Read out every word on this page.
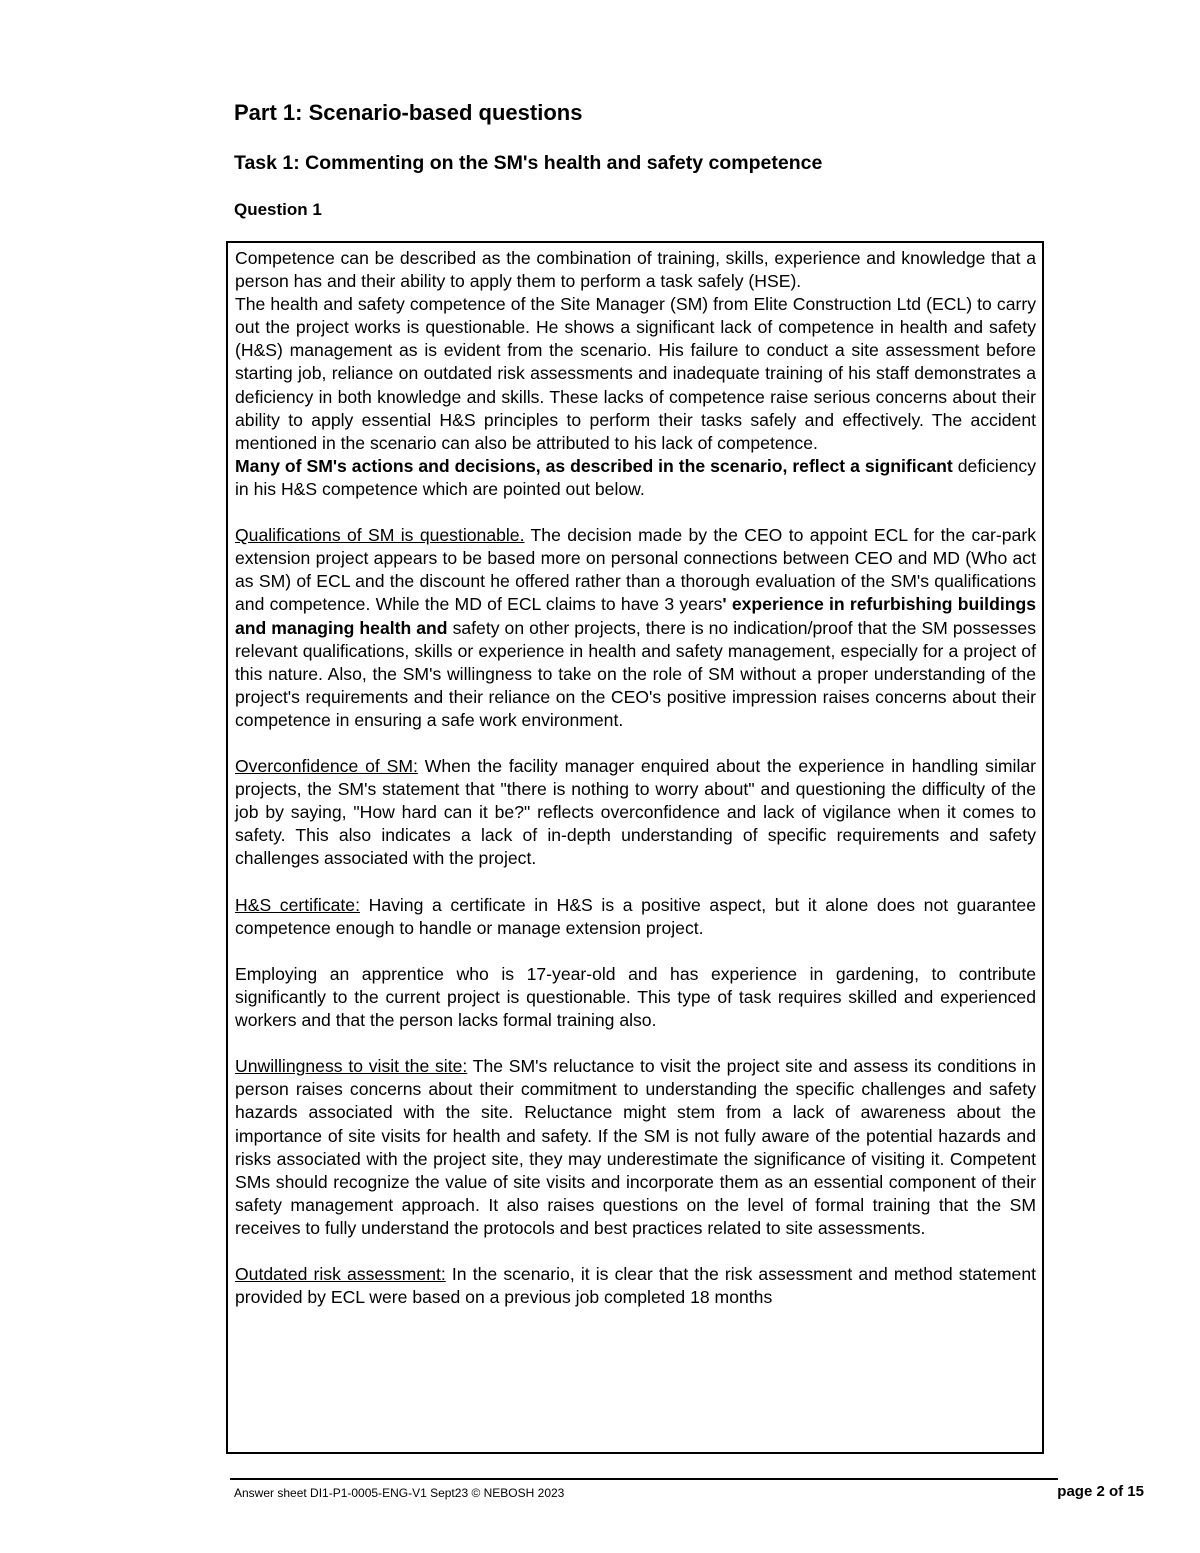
Part 1: Scenario-based questions
Task 1: Commenting on the SM's health and safety competence
Question 1

Competence can be described as the combination of training, skills, experience and knowledge that a person has and their ability to apply them to perform a task safely (HSE).

The health and safety competence of the Site Manager (SM) from Elite Construction Ltd (ECL) to carry out the project works is questionable. He shows a significant lack of competence in health and safety (H&S) management as is evident from the scenario. His failure to conduct a site assessment before starting job, reliance on outdated risk assessments and inadequate training of his staff demonstrates a deficiency in both knowledge and skills. These lacks of competence raise serious concerns about their ability to apply essential H&S principles to perform their tasks safely and effectively. The accident mentioned in the scenario can also be attributed to his lack of competence.

Many of SM's actions and decisions, as described in the scenario, reflect a significant deficiency in his H&S competence which are pointed out below.

Qualifications of SM is questionable. The decision made by the CEO to appoint ECL for the car-park extension project appears to be based more on personal connections between CEO and MD (Who act as SM) of ECL and the discount he offered rather than a thorough evaluation of the SM's qualifications and competence. While the MD of ECL claims to have 3 years' experience in refurbishing buildings and managing health and safety on other projects, there is no indication/proof that the SM possesses relevant qualifications, skills or experience in health and safety management, especially for a project of this nature. Also, the SM's willingness to take on the role of SM without a proper understanding of the project's requirements and their reliance on the CEO's positive impression raises concerns about their competence in ensuring a safe work environment.

Overconfidence of SM: When the facility manager enquired about the experience in handling similar projects, the SM's statement that "there is nothing to worry about" and questioning the difficulty of the job by saying, "How hard can it be?" reflects overconfidence and lack of vigilance when it comes to safety. This also indicates a lack of in-depth understanding of specific requirements and safety challenges associated with the project.

H&S certificate: Having a certificate in H&S is a positive aspect, but it alone does not guarantee competence enough to handle or manage extension project.

Employing an apprentice who is 17-year-old and has experience in gardening, to contribute significantly to the current project is questionable. This type of task requires skilled and experienced workers and that the person lacks formal training also.

Unwillingness to visit the site: The SM's reluctance to visit the project site and assess its conditions in person raises concerns about their commitment to understanding the specific challenges and safety hazards associated with the site. Reluctance might stem from a lack of awareness about the importance of site visits for health and safety. If the SM is not fully aware of the potential hazards and risks associated with the project site, they may underestimate the significance of visiting it. Competent SMs should recognize the value of site visits and incorporate them as an essential component of their safety management approach. It also raises questions on the level of formal training that the SM receives to fully understand the protocols and best practices related to site assessments.

Outdated risk assessment: In the scenario, it is clear that the risk assessment and method statement provided by ECL were based on a previous job completed 18 months

Answer sheet DI1-P1-0005-ENG-V1 Sept23 © NEBOSH 2023	page 2 of 15
